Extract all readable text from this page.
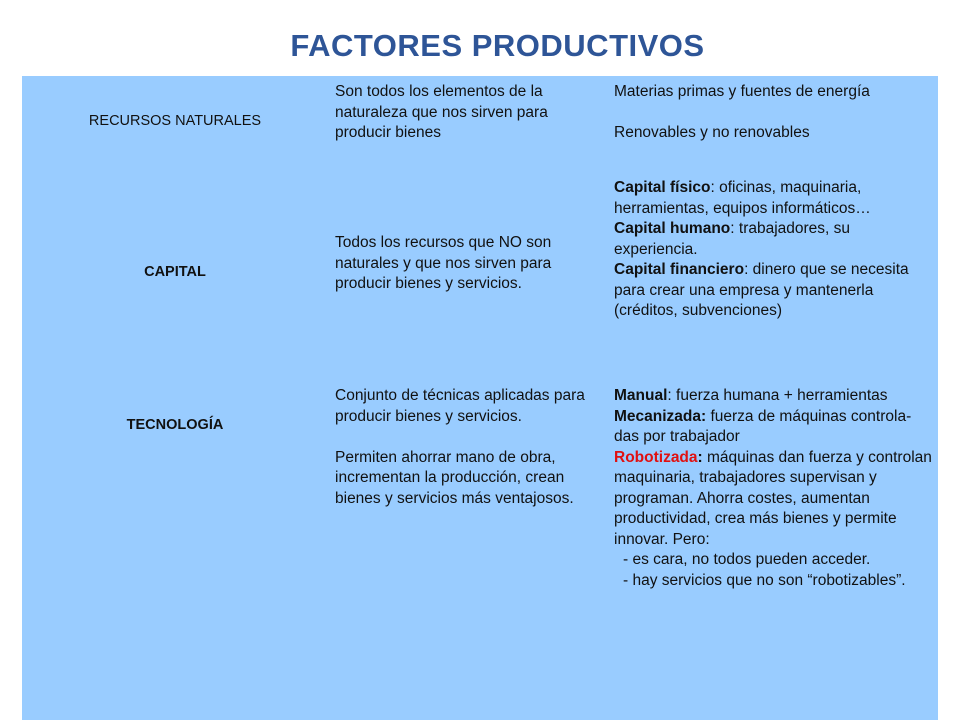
FACTORES PRODUCTIVOS
RECURSOS NATURALES

Son todos los elementos de la naturaleza que nos sirven para producir bienes

Materias primas y fuentes de energía

Renovables y no renovables

CAPITAL

Todos los recursos que NO son naturales y que nos sirven para producir bienes y servicios.

Capital físico: oficinas, maquinaria, herramientas, equipos informáticos…

Capital humano: trabajadores, su experiencia.

Capital financiero: dinero que se necesita para crear una empresa y mantenerla (créditos, subvenciones)

TECNOLOGÍA

Conjunto de técnicas aplicadas para producir bienes y servicios.

Permiten ahorrar mano de obra, incrementan la producción, crean bienes y servicios más ventajosos.

Manual: fuerza humana + herramientas

Mecanizada: fuerza de máquinas controla-das por trabajador

Robotizada: máquinas dan fuerza y controlan maquinaria, trabajadores supervisan y programan. Ahorra costes, aumentan productividad, crea más bienes y permite innovar. Pero:

- es cara, no todos pueden acceder.

- hay servicios que no son “robotizables”.
